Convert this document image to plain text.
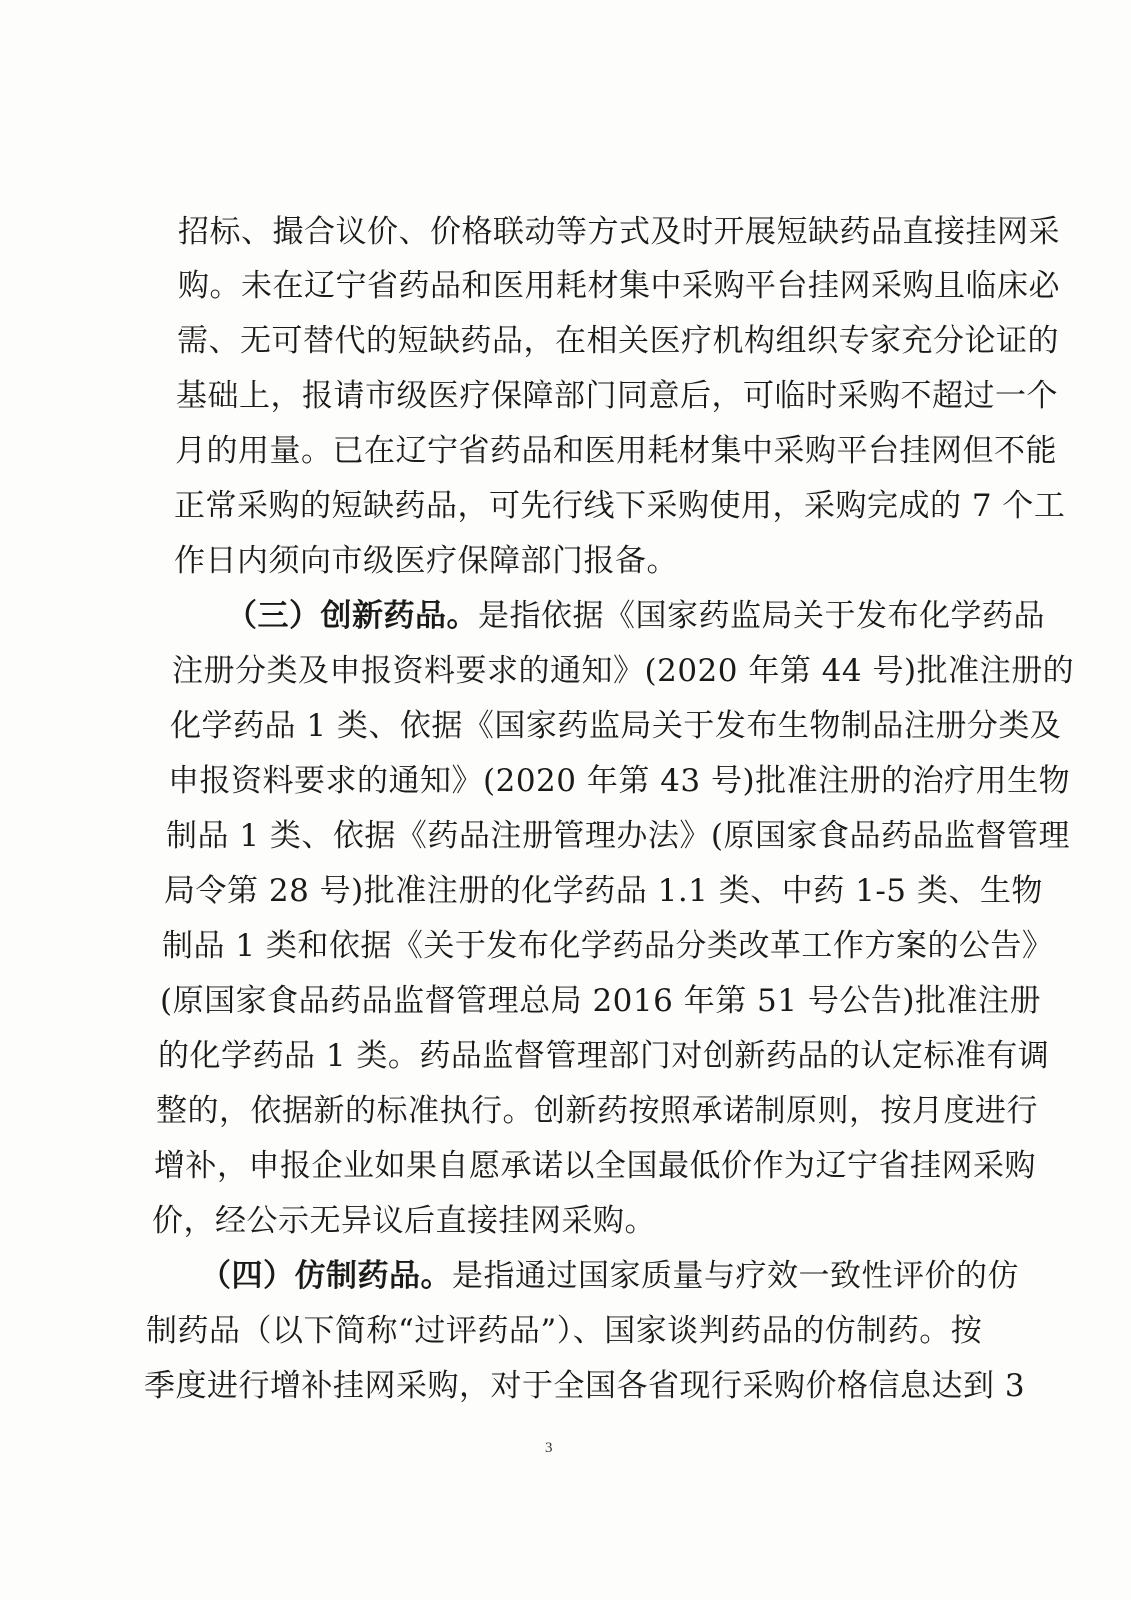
招标、撮合议价、价格联动等方式及时开展短缺药品直接挂网采
购。未在辽宁省药品和医用耗材集中采购平台挂网采购且临床必
需、无可替代的短缺药品，在相关医疗机构组织专家充分论证的
基础上，报请市级医疗保障部门同意后，可临时采购不超过一个
月的用量。已在辽宁省药品和医用耗材集中采购平台挂网但不能
正常采购的短缺药品，可先行线下采购使用，采购完成的 7 个工
作日内须向市级医疗保障部门报备。
（三）创新药品。是指依据《国家药监局关于发布化学药品
注册分类及申报资料要求的通知》(2020 年第 44 号)批准注册的
化学药品 1 类、依据《国家药监局关于发布生物制品注册分类及
申报资料要求的通知》(2020 年第 43 号)批准注册的治疗用生物
制品 1 类、依据《药品注册管理办法》(原国家食品药品监督管理
局令第 28 号)批准注册的化学药品 1.1 类、中药 1-5 类、生物
制品 1 类和依据《关于发布化学药品分类改革工作方案的公告》
(原国家食品药品监督管理总局 2016 年第 51 号公告)批准注册
的化学药品 1 类。药品监督管理部门对创新药品的认定标准有调
整的，依据新的标准执行。创新药按照承诺制原则，按月度进行
增补，申报企业如果自愿承诺以全国最低价作为辽宁省挂网采购
价，经公示无异议后直接挂网采购。
（四）仿制药品。是指通过国家质量与疗效一致性评价的仿
制药品（以下简称“过评药品”）、国家谈判药品的仿制药。按
季度进行增补挂网采购，对于全国各省现行采购价格信息达到 3
3
